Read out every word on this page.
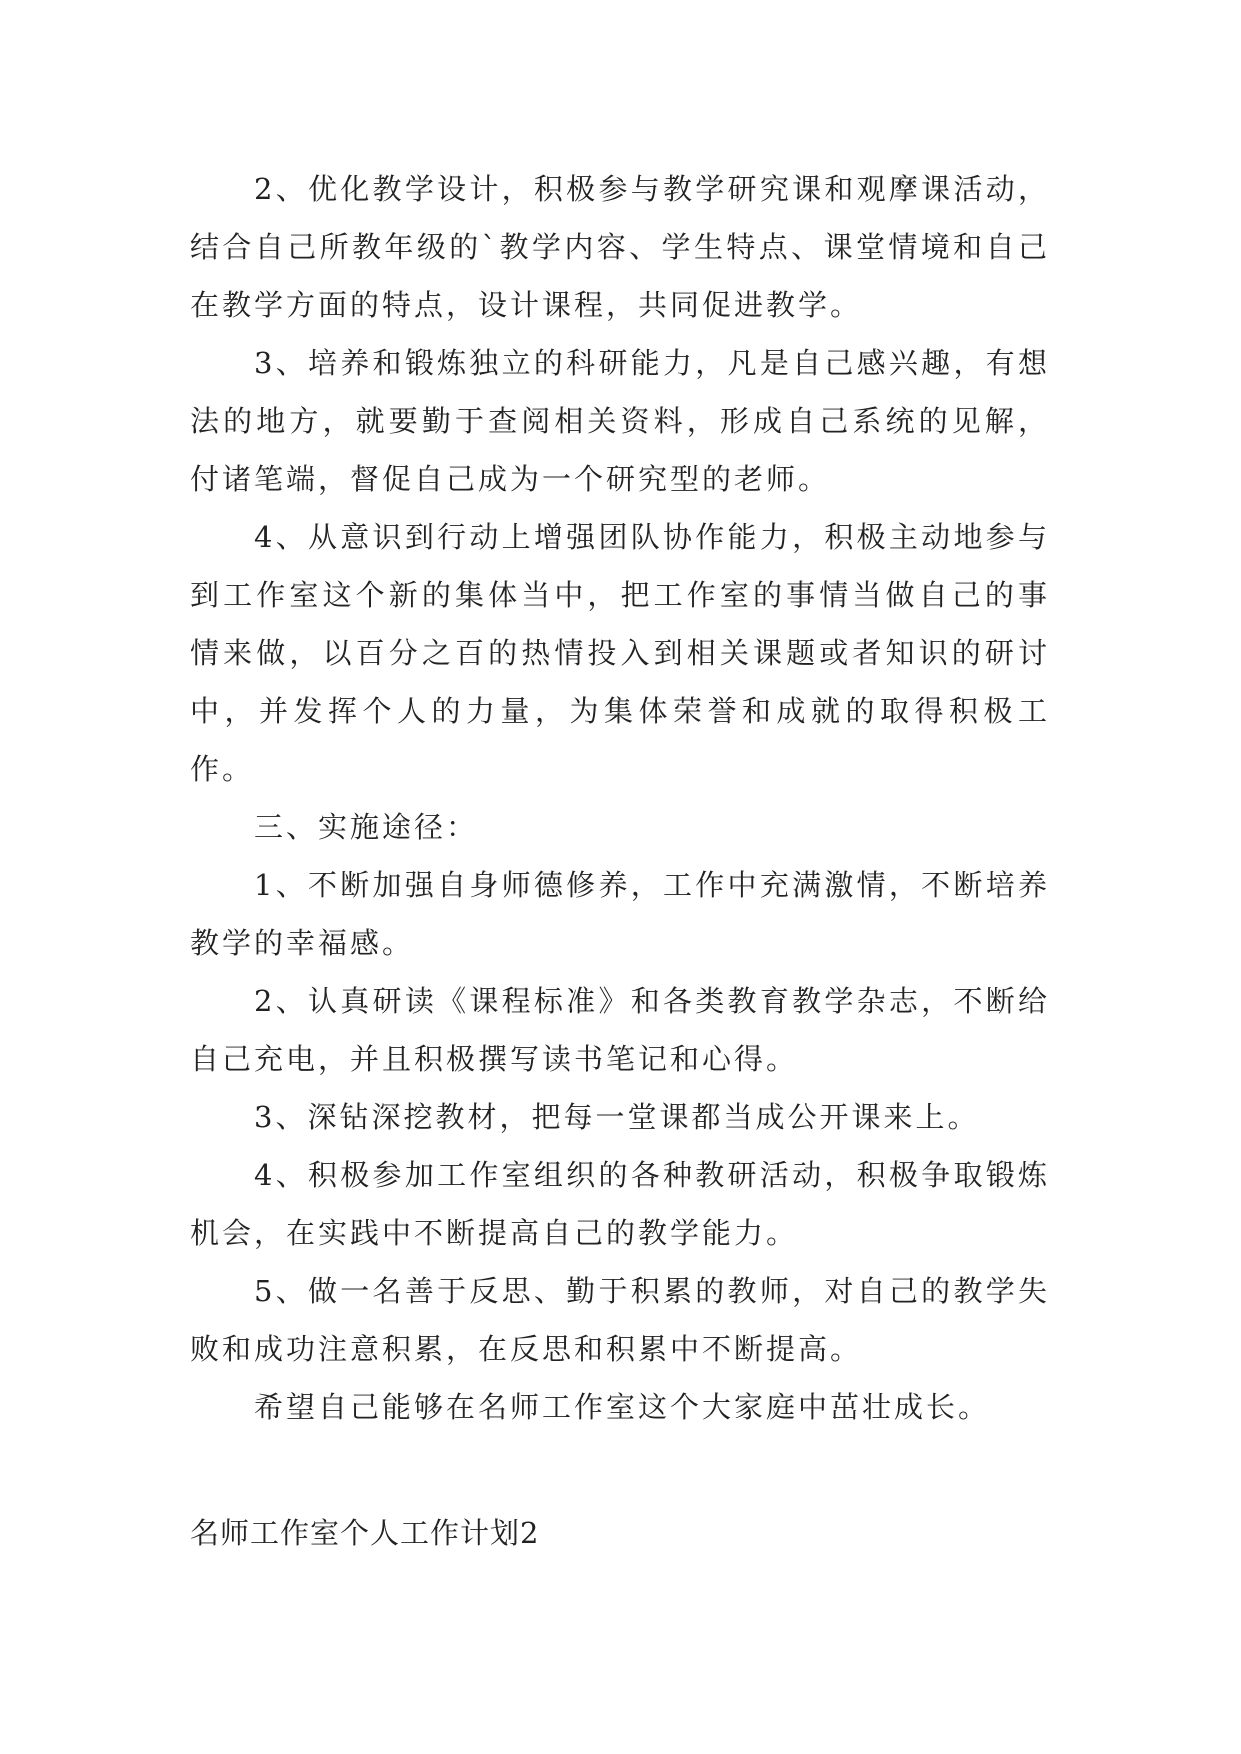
2、优化教学设计，积极参与教学研究课和观摩课活动，结合自己所教年级的`教学内容、学生特点、课堂情境和自己在教学方面的特点，设计课程，共同促进教学。

3、培养和锻炼独立的科研能力，凡是自己感兴趣，有想法的地方，就要勤于查阅相关资料，形成自己系统的见解，付诸笔端，督促自己成为一个研究型的老师。

4、从意识到行动上增强团队协作能力，积极主动地参与到工作室这个新的集体当中，把工作室的事情当做自己的事情来做，以百分之百的热情投入到相关课题或者知识的研讨中，并发挥个人的力量，为集体荣誉和成就的取得积极工作。

三、实施途径：

1、不断加强自身师德修养，工作中充满激情，不断培养教学的幸福感。

2、认真研读《课程标准》和各类教育教学杂志，不断给自己充电，并且积极撰写读书笔记和心得。

3、深钻深挖教材，把每一堂课都当成公开课来上。

4、积极参加工作室组织的各种教研活动，积极争取锻炼机会，在实践中不断提高自己的教学能力。

5、做一名善于反思、勤于积累的教师，对自己的教学失败和成功注意积累，在反思和积累中不断提高。

希望自己能够在名师工作室这个大家庭中茁壮成长。

名师工作室个人工作计划2
